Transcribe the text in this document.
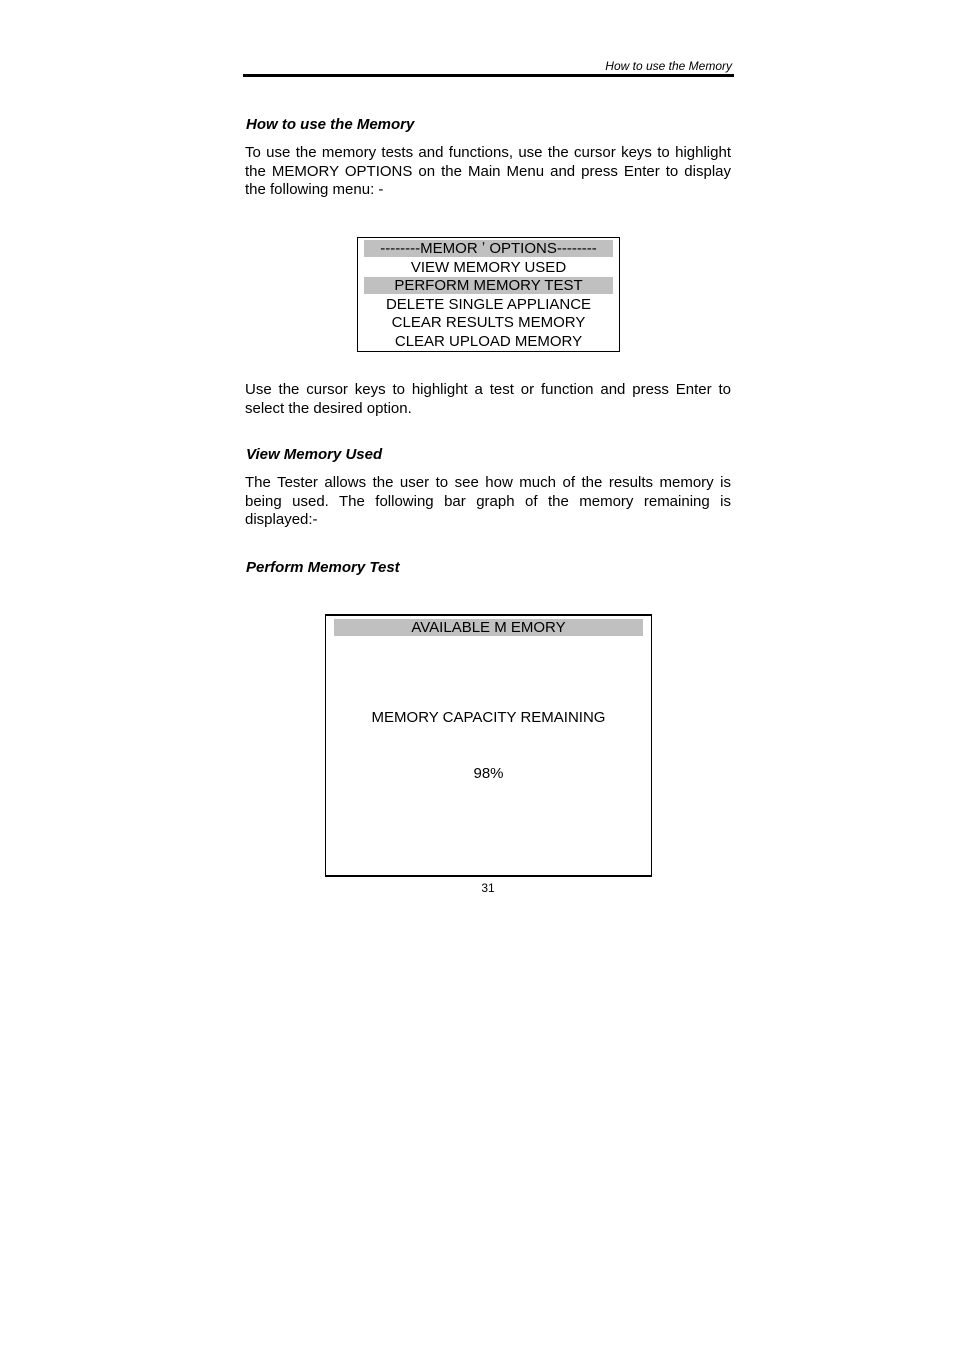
How to use the Memory
How to use the Memory
To use the memory tests and functions, use the cursor keys to highlight the MEMORY OPTIONS on the Main Menu and press Enter to display the following menu: -
--------MEMOR ʼ OPTIONS--------
VIEW MEMORY USED
PERFORM MEMORY TEST
DELETE SINGLE APPLIANCE
CLEAR RESULTS MEMORY
CLEAR UPLOAD MEMORY
Use the cursor keys to highlight a test or function and press Enter to select the desired option.
View Memory Used
The Tester allows the user to see how much of the results memory is being used. The following bar graph of the memory remaining is displayed:-
Perform Memory Test
AVAILABLE M EMORY
MEMORY CAPACITY REMAINING
98%
31
